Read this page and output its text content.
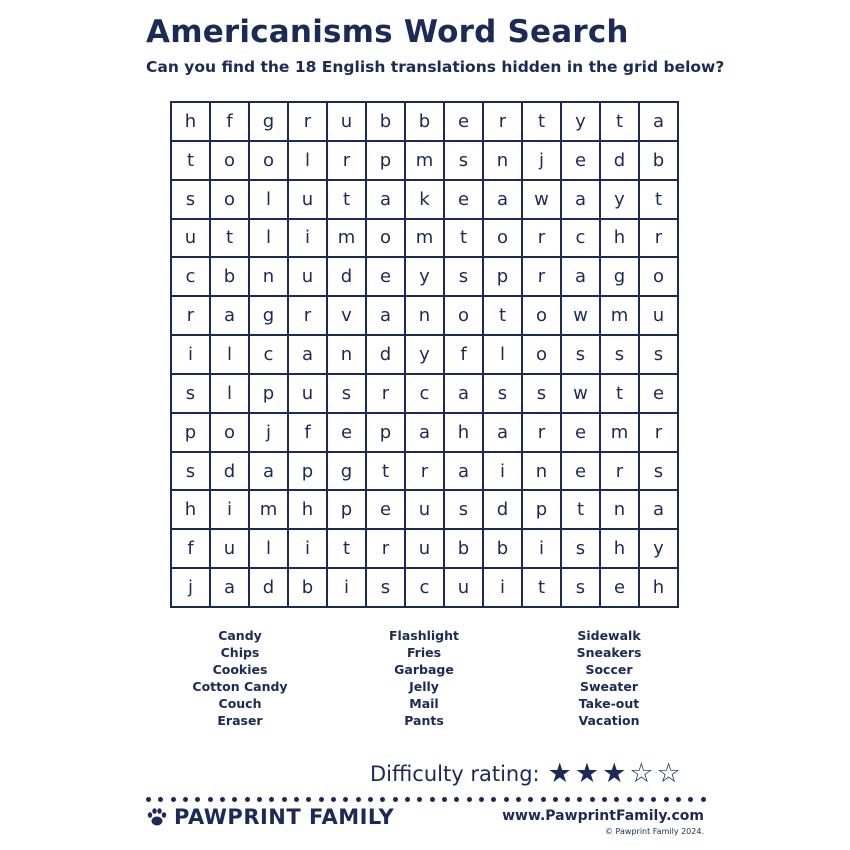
Americanisms Word Search
Can you find the 18 English translations hidden in the grid below?
h	f	g	r	u	b	b	e	r	t	y	t	a
t	o	o	l	r	p	m	s	n	j	e	d	b
s	o	l	u	t	a	k	e	a	w	a	y	t
u	t	l	i	m	o	m	t	o	r	c	h	r
c	b	n	u	d	e	y	s	p	r	a	g	o
r	a	g	r	v	a	n	o	t	o	w	m	u
i	l	c	a	n	d	y	f	l	o	s	s	s
s	l	p	u	s	r	c	a	s	s	w	t	e
p	o	j	f	e	p	a	h	a	r	e	m	r
s	d	a	p	g	t	r	a	i	n	e	r	s
h	i	m	h	p	e	u	s	d	p	t	n	a
f	u	l	i	t	r	u	b	b	i	s	h	y
j	a	d	b	i	s	c	u	i	t	s	e	h
Candy
Chips
Cookies
Cotton Candy
Couch
Eraser
Flashlight
Fries
Garbage
Jelly
Mail
Pants
Sidewalk
Sneakers
Soccer
Sweater
Take-out
Vacation
Difficulty rating: ★ ★ ★ ☆ ☆
PAWPRINT FAMILY	www.PawprintFamily.com
© Pawprint Family 2024.
